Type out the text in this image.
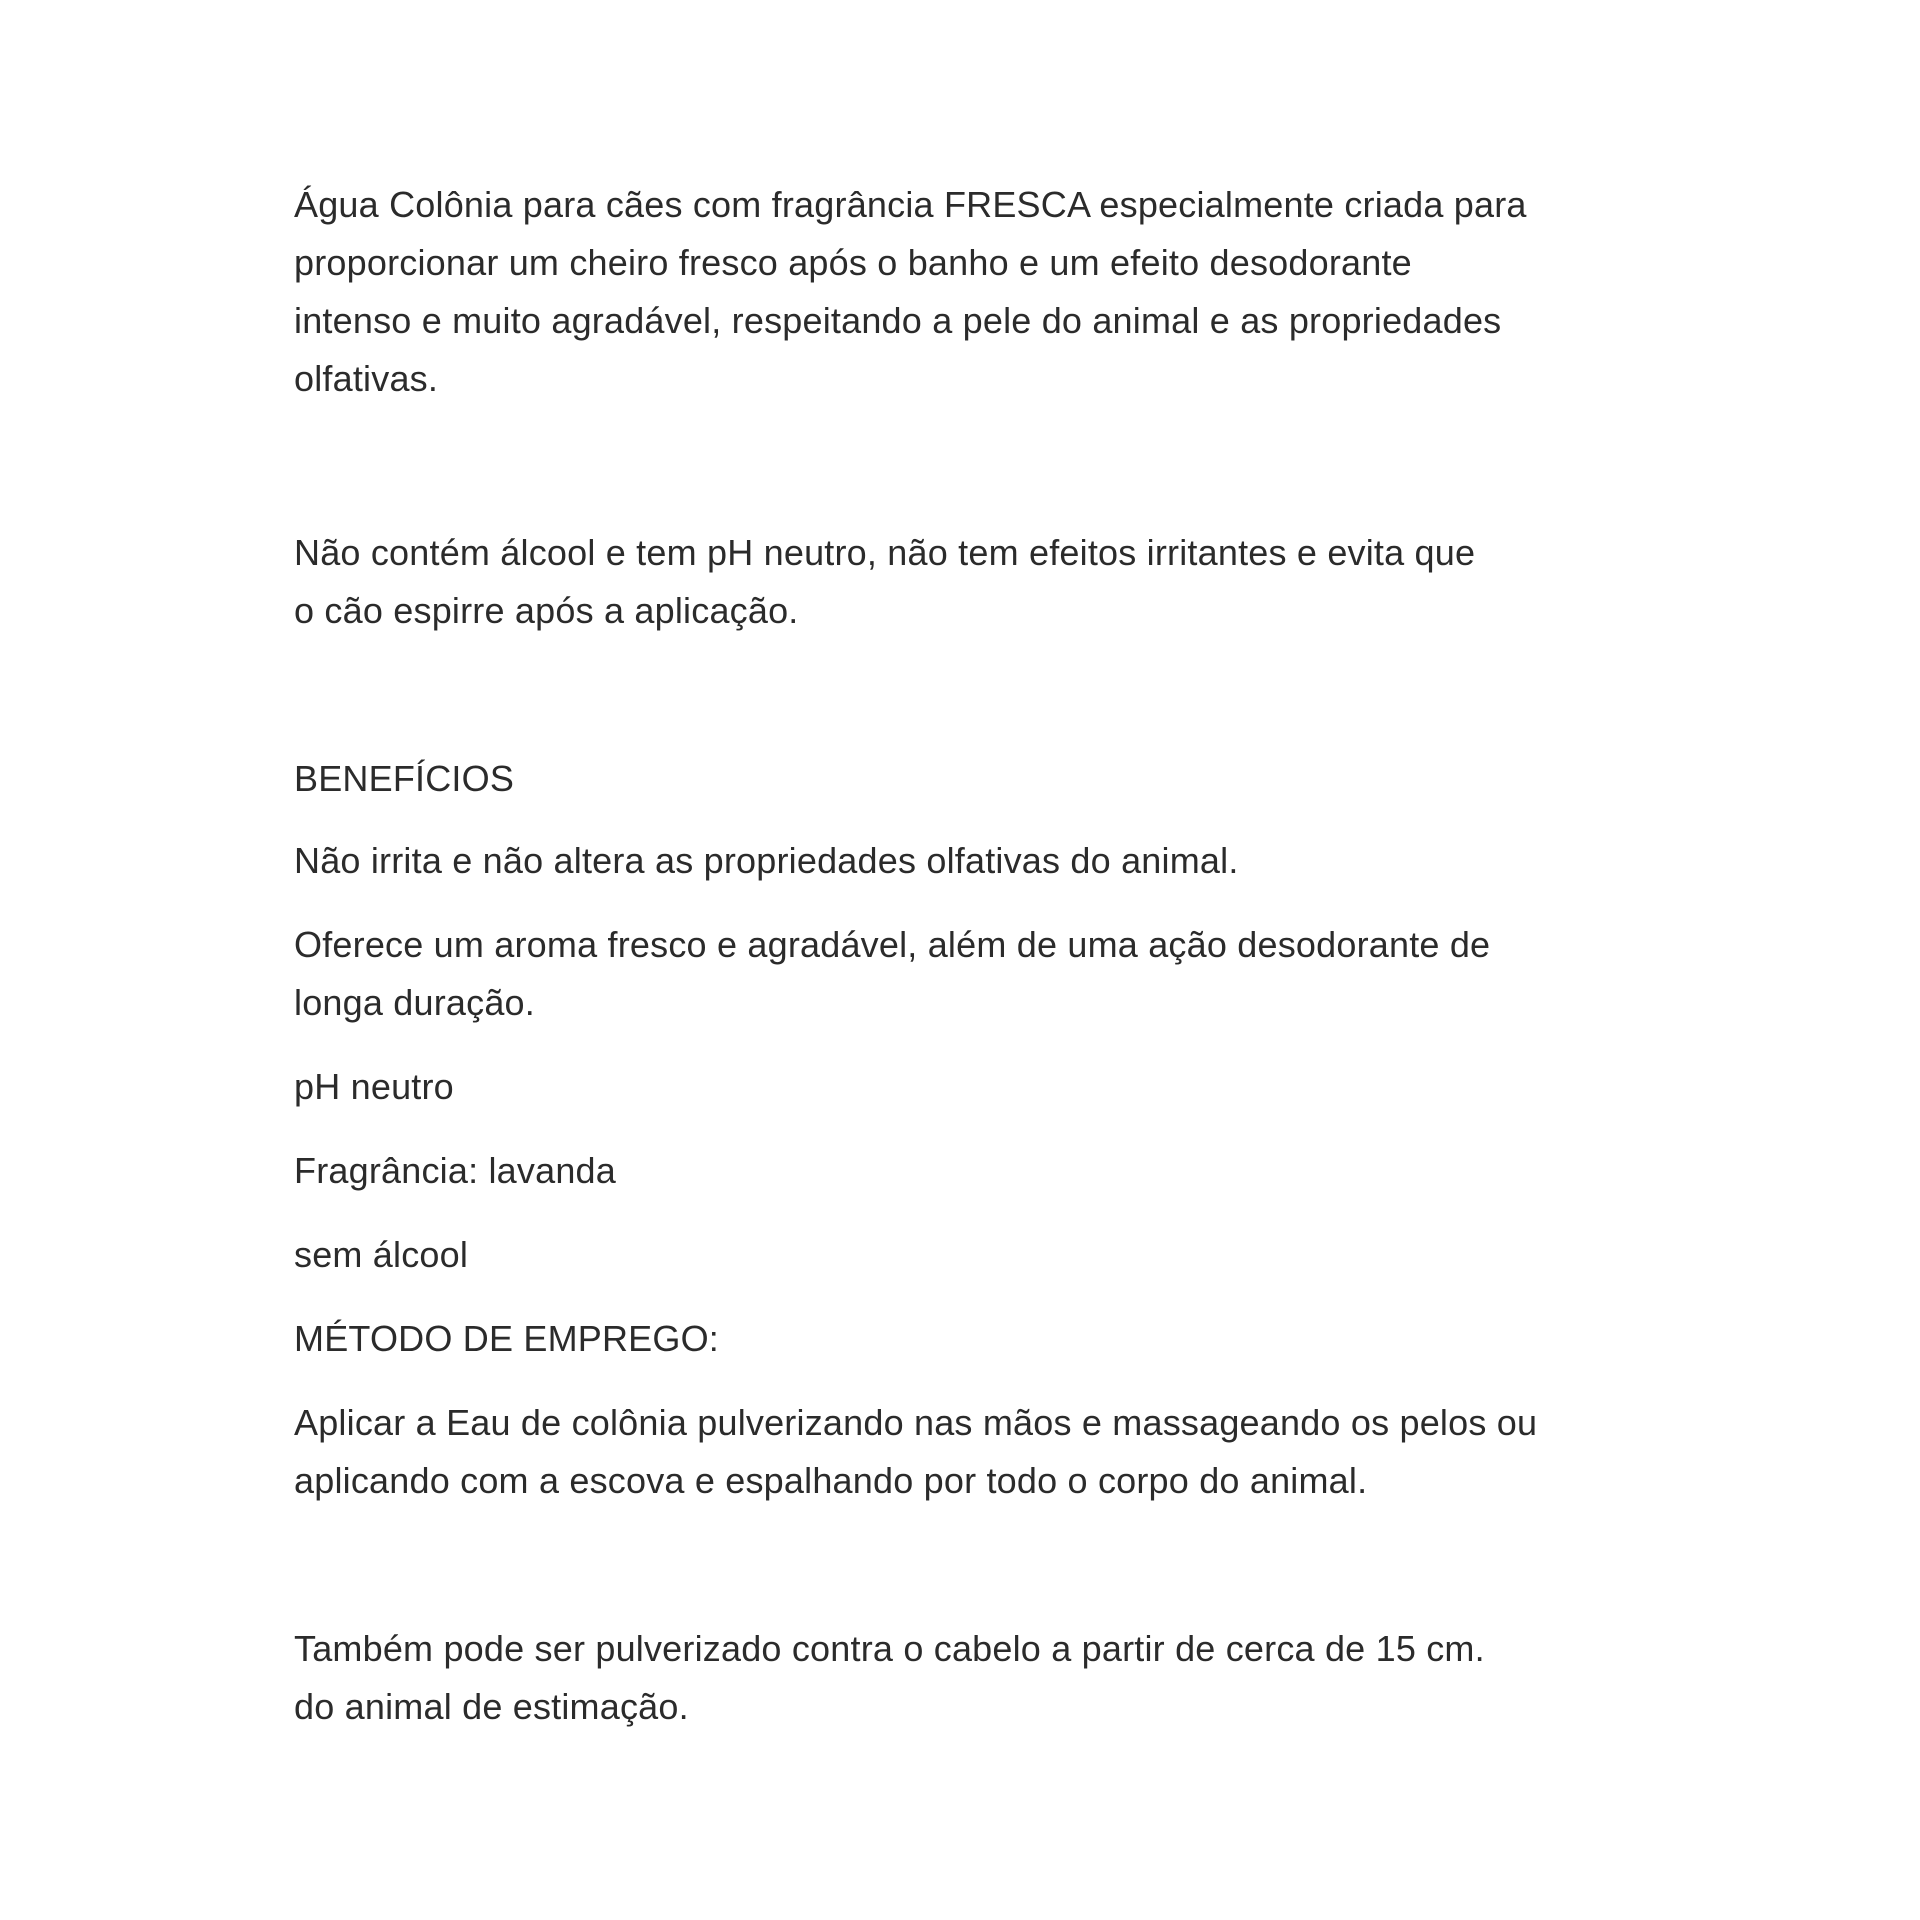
Água Colônia para cães com fragrância FRESCA especialmente criada para
proporcionar um cheiro fresco após o banho e um efeito desodorante
intenso e muito agradável, respeitando a pele do animal e as propriedades
olfativas.

Não contém álcool e tem pH neutro, não tem efeitos irritantes e evita que
o cão espirre após a aplicação.

BENEFÍCIOS

Não irrita e não altera as propriedades olfativas do animal.

Oferece um aroma fresco e agradável, além de uma ação desodorante de
longa duração.

pH neutro

Fragrância: lavanda

sem álcool

MÉTODO DE EMPREGO:

Aplicar a Eau de colônia pulverizando nas mãos e massageando os pelos ou
aplicando com a escova e espalhando por todo o corpo do animal.

Também pode ser pulverizado contra o cabelo a partir de cerca de 15 cm.
do animal de estimação.
